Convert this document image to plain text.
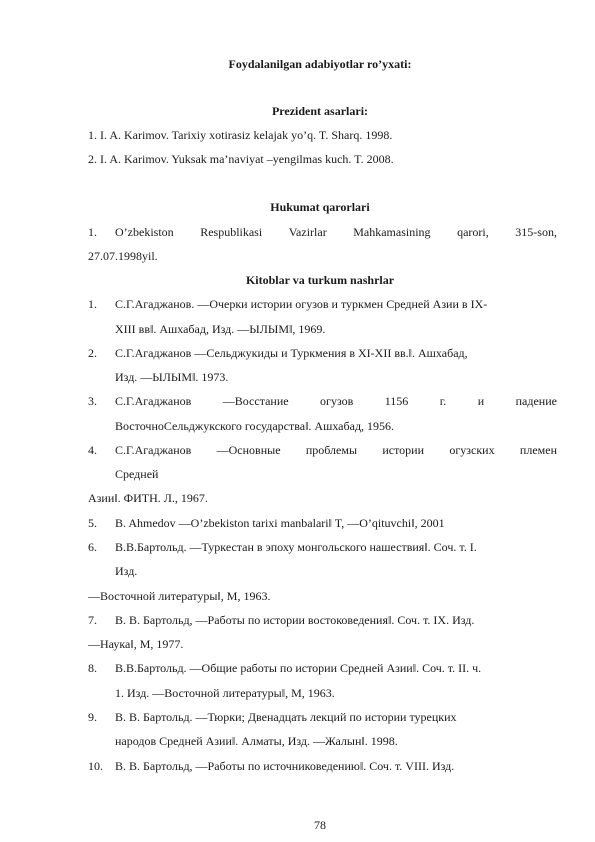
Foydalanilgan adabiyotlar ro’yxati:
Prezident asarlari:
1. I. A. Karimov. Tarixiy xotirasiz kelajak yo’q. T. Sharq. 1998.
2. I. A. Karimov. Yuksak ma’naviyat –yengilmas kuch. T. 2008.
Hukumat qarorlari
1. O’zbekiston Respublikasi Vazirlar Mahkamasining qarori, 315-son,
27.07.1998yil.
Kitoblar va turkum nashrlar
1. С.Г.Агаджанов. ―Очерки истории огузов и туркмен Средней Азии в IX-
XIII вв‖. Ашхабад, Изд. ―ЫЛЫМ‖, 1969.
2. С.Г.Агаджанов ―Сельджукиды и Туркмения в XI-XII вв.‖. Ашхабад,
Изд. ―ЫЛЫМ‖. 1973.
3. С.Г.Агаджанов	―Восстание	огузов	1156	г.	и	падение
ВосточноСельджукского государства‖. Ашхабад, 1956.
4. С.Г.Агаджанов ―Основные проблемы истории огузских племен
Средней
Азии‖. ФИТН. Л., 1967.
5. B. Ahmedov ―O’zbekiston tarixi manbalari‖ T, ―O’qituvchi‖, 2001
6. В.В.Бартольд. ―Туркестан в эпоху монгольского нашествия‖. Соч. т. I.
Изд.
―Восточной литературы‖, М, 1963.
7. В. В. Бартольд, ―Работы по истории востоковедения‖. Соч. т. IX. Изд.
―Наука‖, М, 1977.
8. В.В.Бартольд. ―Общие работы по истории Средней Азии‖. Соч. т. II. ч.
1. Изд. ―Восточной литературы‖, М, 1963.
9. В. В. Бартольд. ―Тюрки; Двенадцать лекций по истории турецких
народов Средней Азии‖. Алматы, Изд. ―Жалын‖. 1998.
10. В. В. Бартольд, ―Работы по источниковедению‖. Соч. т. VIII. Изд.
78
